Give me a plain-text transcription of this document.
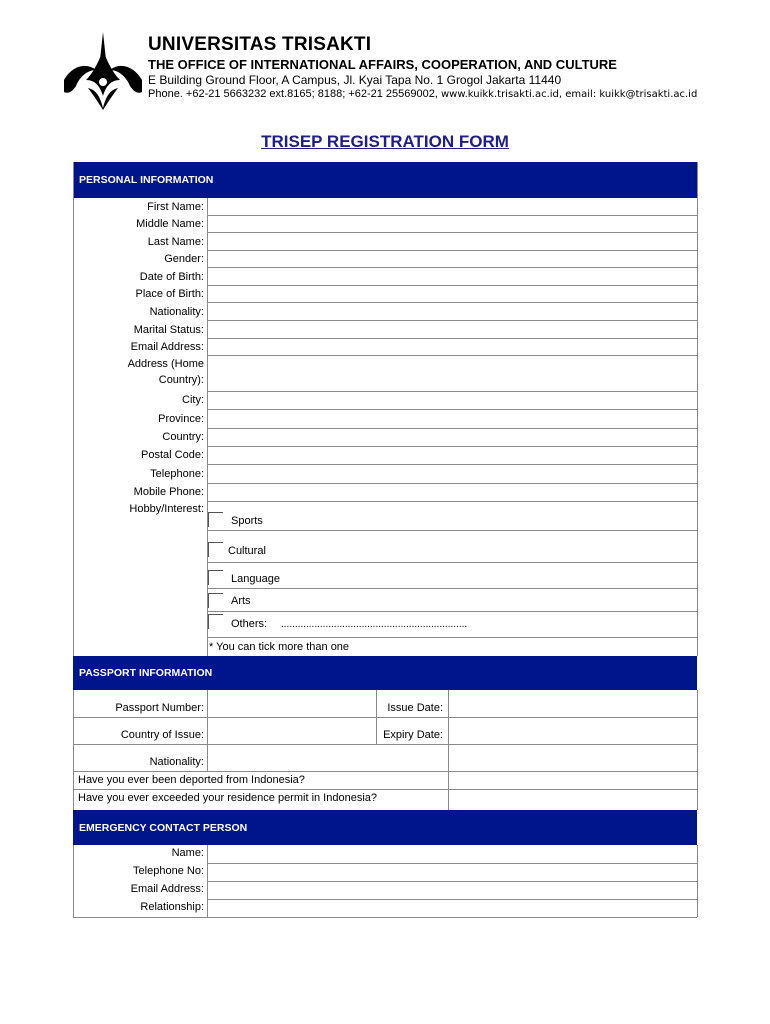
UNIVERSITAS TRISAKTI
THE OFFICE OF INTERNATIONAL AFFAIRS, COOPERATION, AND CULTURE
E Building Ground Floor, A Campus, Jl. Kyai Tapa No. 1 Grogol Jakarta 11440
Phone. +62-21 5663232 ext.8165; 8188; +62-21 25569002, www.kuikk.trisakti.ac.id, email: kuikk@trisakti.ac.id
TRISEP REGISTRATION FORM
PERSONAL INFORMATION
First Name:
Middle Name:
Last Name:
Gender:
Date of Birth:
Place of Birth:
Nationality:
Marital Status:
Email Address:
City:
Province:
Country:
Postal Code:
Telephone:
Mobile Phone:
Address (Home
Country):
Hobby/Interest:
Sports
Cultural
Language
Arts
Others: ...................................................................
* You can tick more than one
PASSPORT INFORMATION
Passport Number:	Issue Date:
Country of Issue:	Expiry Date:
Nationality:
Have you ever been deported from Indonesia?
Have you ever exceeded your residence permit in Indonesia?
EMERGENCY CONTACT PERSON
Name:
Telephone No:
Email Address:
Relationship:
